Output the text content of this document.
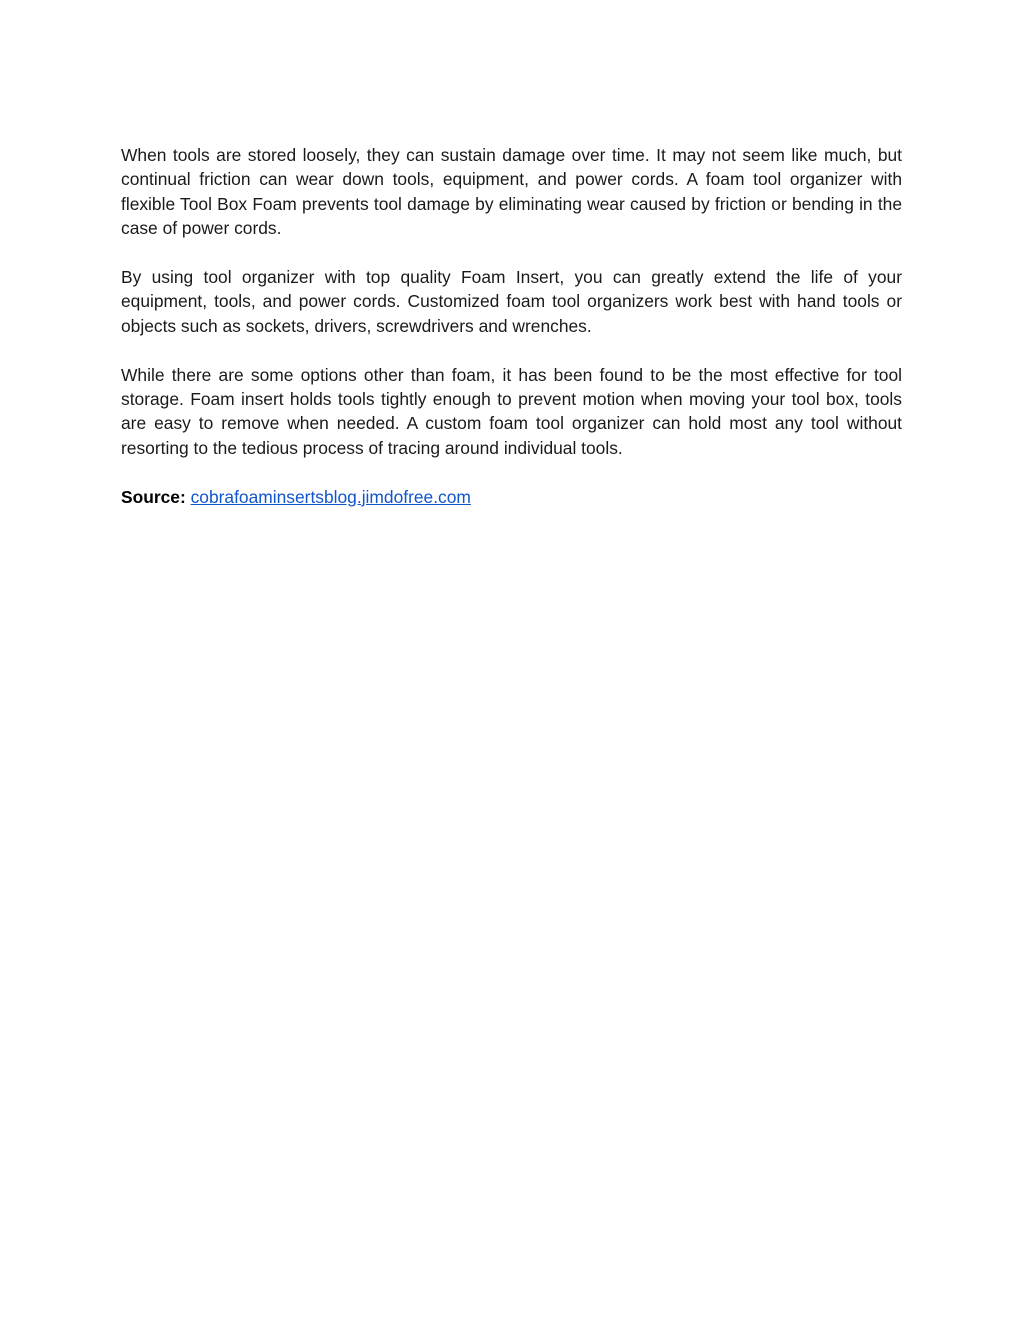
When tools are stored loosely, they can sustain damage over time. It may not seem like much, but continual friction can wear down tools, equipment, and power cords. A foam tool organizer with flexible Tool Box Foam prevents tool damage by eliminating wear caused by friction or bending in the case of power cords.

By using tool organizer with top quality Foam Insert, you can greatly extend the life of your equipment, tools, and power cords. Customized foam tool organizers work best with hand tools or objects such as sockets, drivers, screwdrivers and wrenches.

While there are some options other than foam, it has been found to be the most effective for tool storage. Foam insert holds tools tightly enough to prevent motion when moving your tool box, tools are easy to remove when needed. A custom foam tool organizer can hold most any tool without resorting to the tedious process of tracing around individual tools.

Source: cobrafoaminsertsblog.jimdofree.com
